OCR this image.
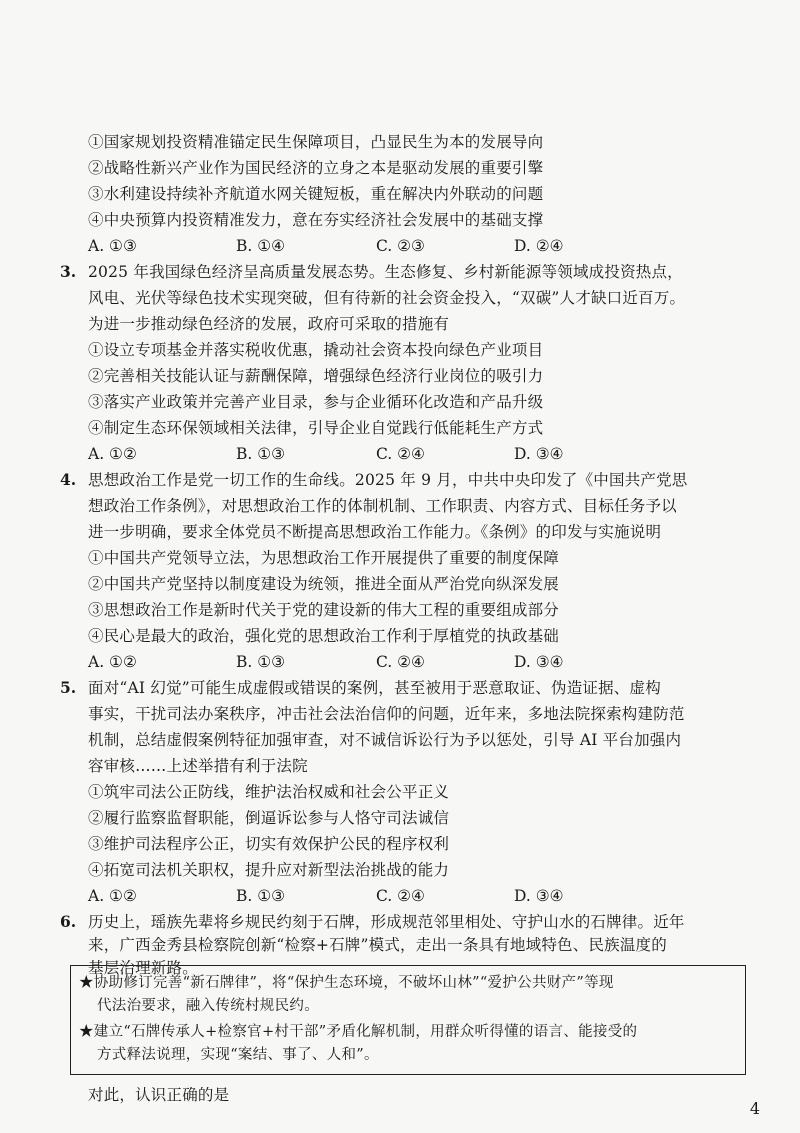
①国家规划投资精准锚定民生保障项目，凸显民生为本的发展导向
②战略性新兴产业作为国民经济的立身之本是驱动发展的重要引擎
③水利建设持续补齐航道水网关键短板，重在解决内外联动的问题
④中央预算内投资精准发力，意在夯实经济社会发展中的基础支撑
A. ①③	B. ①④	C. ②③	D. ②④
3. 2025 年我国绿色经济呈高质量发展态势。生态修复、乡村新能源等领域成投资热点，
风电、光伏等绿色技术实现突破，但有待新的社会资金投入，“双碳”人才缺口近百万。
为进一步推动绿色经济的发展，政府可采取的措施有
①设立专项基金并落实税收优惠，撬动社会资本投向绿色产业项目
②完善相关技能认证与薪酬保障，增强绿色经济行业岗位的吸引力
③落实产业政策并完善产业目录，参与企业循环化改造和产品升级
④制定生态环保领域相关法律，引导企业自觉践行低能耗生产方式
A. ①②	B. ①③	C. ②④	D. ③④
4. 思想政治工作是党一切工作的生命线。2025 年 9 月，中共中央印发了《中国共产党思
想政治工作条例》，对思想政治工作的体制机制、工作职责、内容方式、目标任务予以
进一步明确，要求全体党员不断提高思想政治工作能力。《条例》的印发与实施说明
①中国共产党领导立法，为思想政治工作开展提供了重要的制度保障
②中国共产党坚持以制度建设为统领，推进全面从严治党向纵深发展
③思想政治工作是新时代关于党的建设新的伟大工程的重要组成部分
④民心是最大的政治，强化党的思想政治工作利于厚植党的执政基础
A. ①②	B. ①③	C. ②④	D. ③④
5. 面对“AI 幻觉”可能生成虚假或错误的案例，甚至被用于恶意取证、伪造证据、虚构
事实，干扰司法办案秩序，冲击社会法治信仰的问题，近年来，多地法院探索构建防范
机制，总结虚假案例特征加强审查，对不诚信诉讼行为予以惩处，引导 AI 平台加强内
容审核……上述举措有利于法院
①筑牢司法公正防线，维护法治权威和社会公平正义
②履行监察监督职能，倒逼诉讼参与人恪守司法诚信
③维护司法程序公正，切实有效保护公民的程序权利
④拓宽司法机关职权，提升应对新型法治挑战的能力
A. ①②	B. ①③	C. ②④	D. ③④
6. 历史上，瑶族先辈将乡规民约刻于石牌，形成规范邻里相处、守护山水的石牌律。近年
来，广西金秀县检察院创新“检察+石牌”模式，走出一条具有地域特色、民族温度的
基层治理新路。
★协助修订完善“新石牌律”，将“保护生态环境，不破坏山林”“爱护公共财产”等现
代法治要求，融入传统村规民约。
★建立“石牌传承人+检察官+村干部”矛盾化解机制，用群众听得懂的语言、能接受的
方式释法说理，实现“案结、事了、人和”。
对此，认识正确的是
4
